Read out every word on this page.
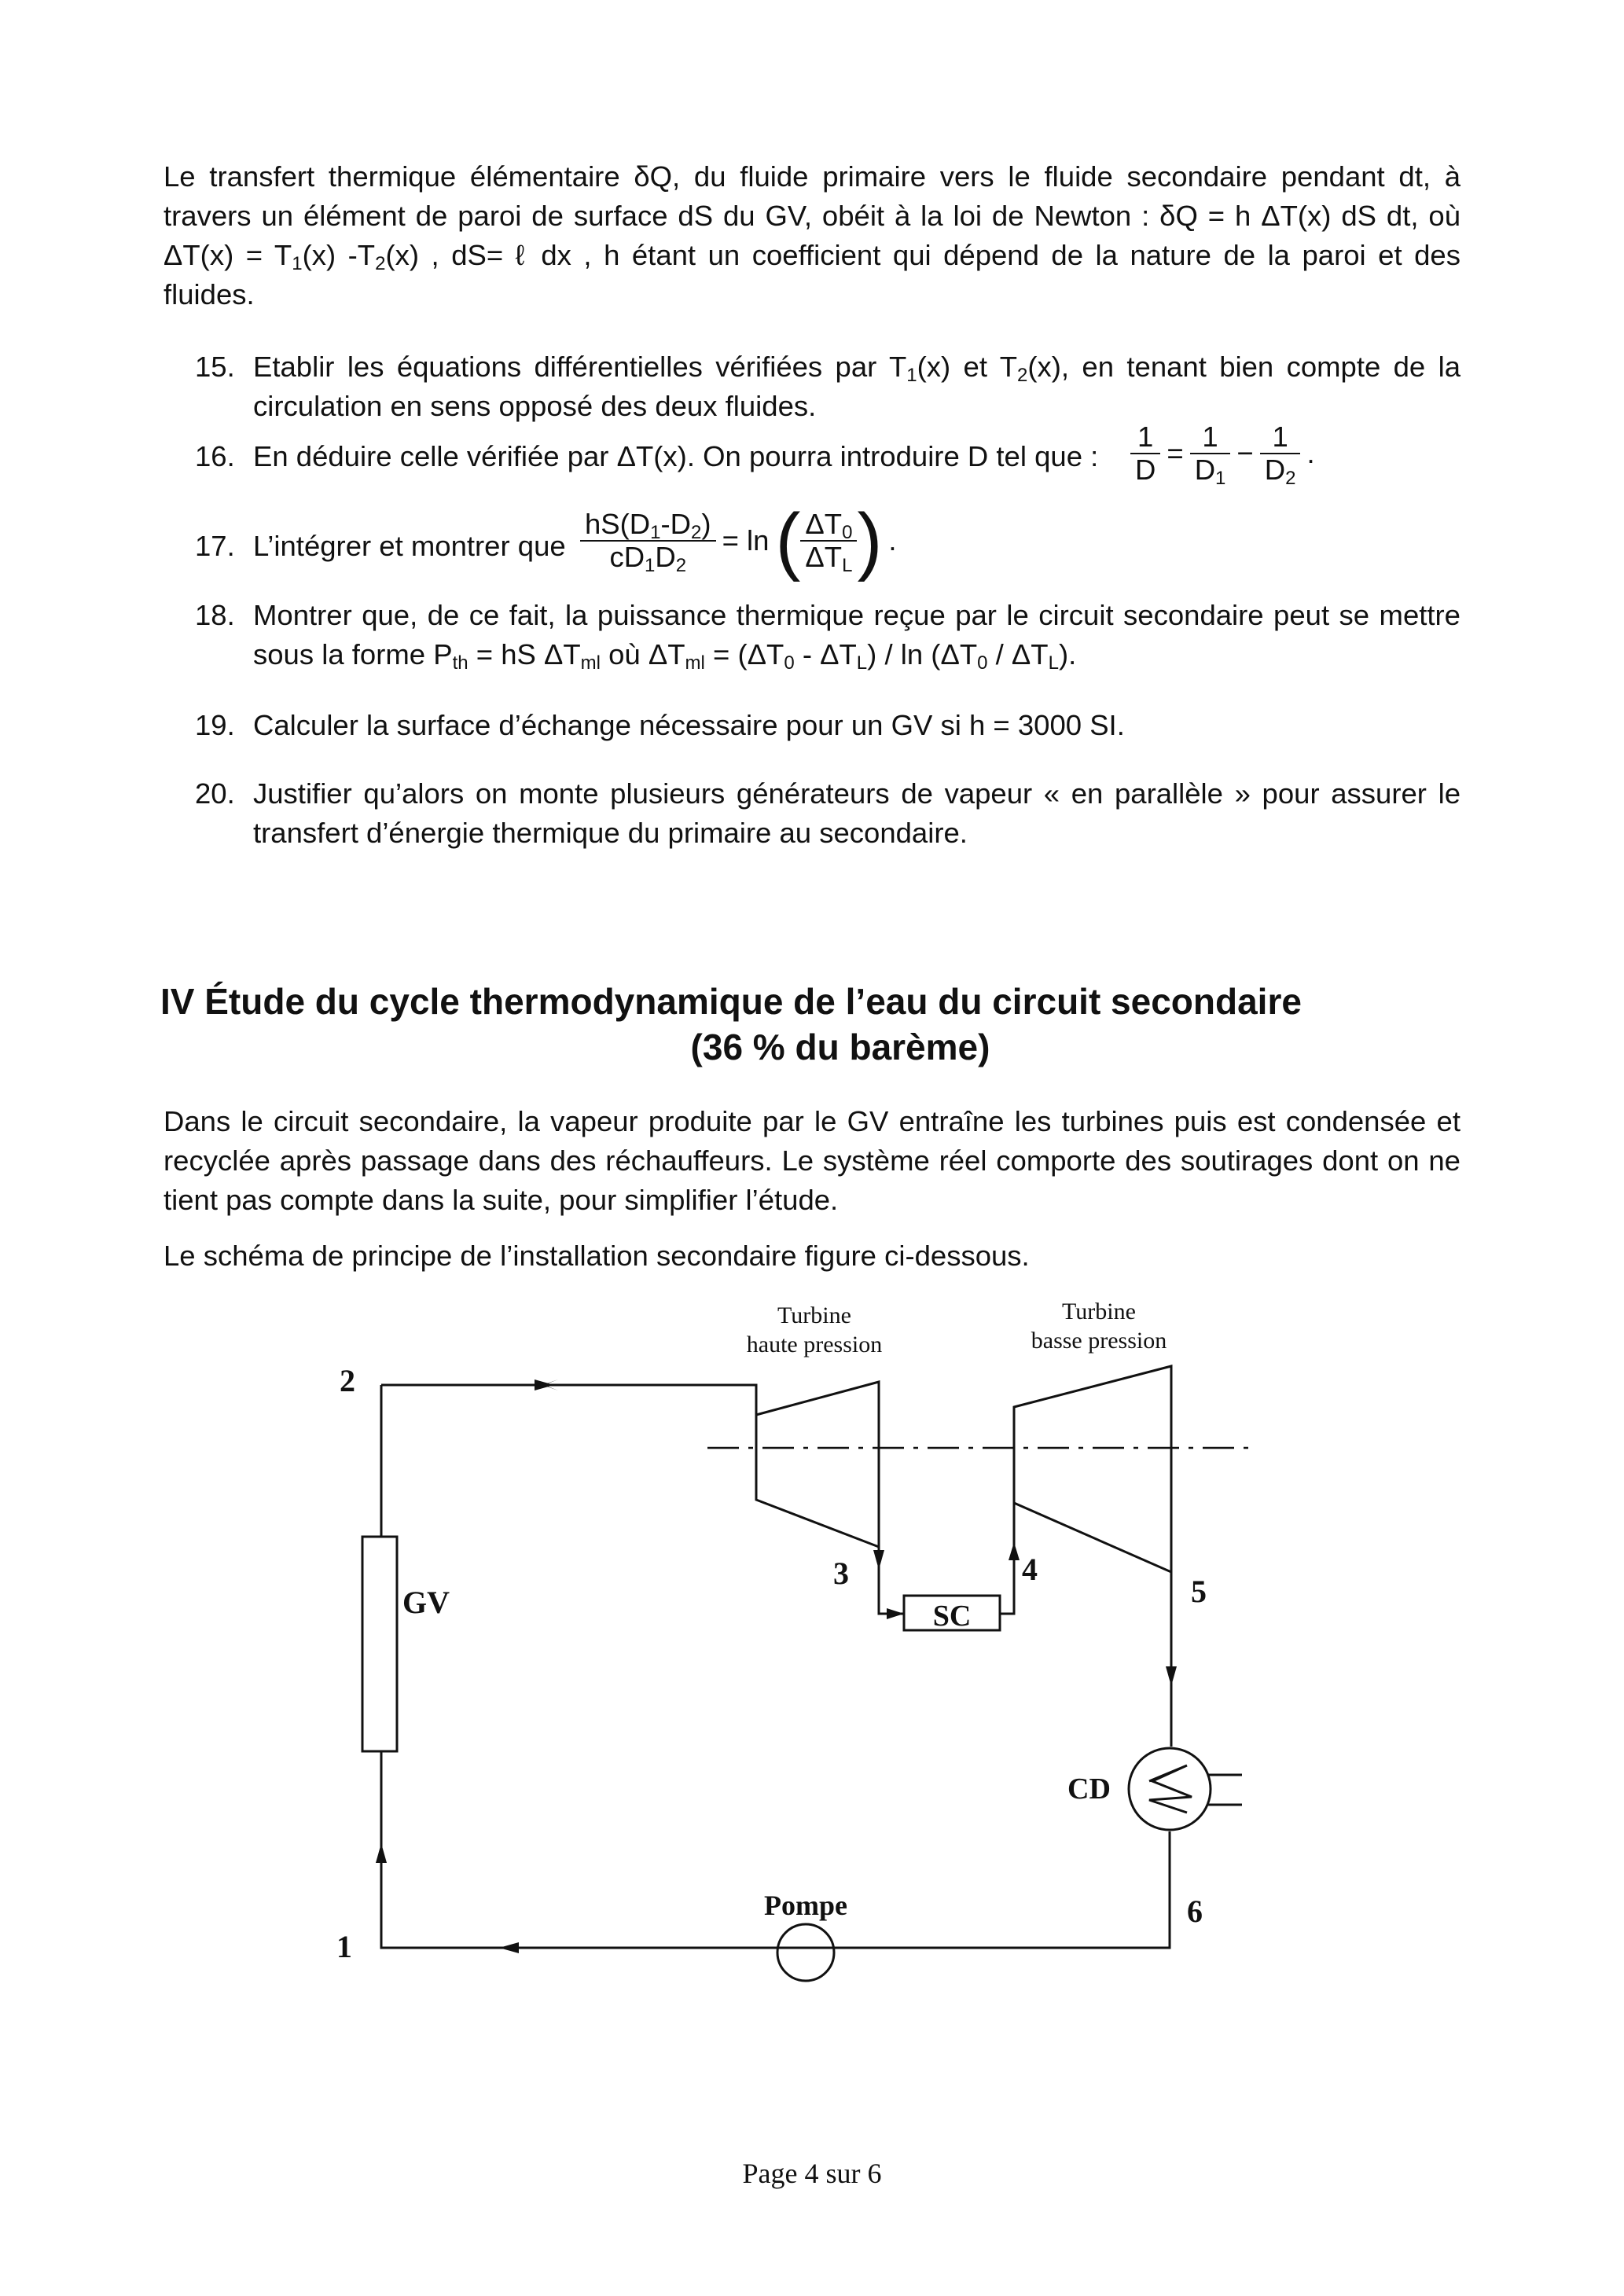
Le transfert thermique élémentaire δQ, du fluide primaire vers le fluide secondaire pendant dt, à travers un élément de paroi de surface dS du GV, obéit à la loi de Newton : δQ = h ΔT(x) dS dt, où $\Delta T(x) = T_1(x)$ $-T_2(x)$ , dS= ℓ dx , h étant un coefficient qui dépend de la nature de la paroi et des fluides.
15. Etablir les équations différentielles vérifiées par $T_1(x)$ et $T_2(x)$, en tenant bien compte de la circulation en sens opposé des deux fluides.
16. En déduire celle vérifiée par ΔT(x). On pourra introduire D tel que : $\frac{1}{D} = \frac{1}{D_1} - \frac{1}{D_2}$ .
17. L’intégrer et montrer que $\frac{hS(D_1-D_2)}{cD_1D_2} = \ln( \frac{\Delta T_0}{\Delta T_L}$ ) .
18. Montrer que, de ce fait, la puissance thermique reçue par le circuit secondaire peut se mettre sous la forme $P_{th}$ = hS $\Delta T_{ml}$ où $\Delta T_{ml} = (\Delta T_0 - \Delta T_L) / \ln (\Delta T_0 / \Delta T_L)$.
19. Calculer la surface d’échange nécessaire pour un GV si h = 3000 SI.
20. Justifier qu’alors on monte plusieurs générateurs de vapeur « en parallèle » pour assurer le transfert d’énergie thermique du primaire au secondaire.
IV Étude du cycle thermodynamique de l’eau du circuit secondaire
(36 % du barème)
Dans le circuit secondaire, la vapeur produite par le GV entraîne les turbines puis est condensée et recyclée après passage dans des réchauffeurs. Le système réel comporte des soutirages dont on ne tient pas compte dans la suite, pour simplifier l’étude.
Le schéma de principe de l’installation secondaire figure ci-dessous.
Turbine
haute pression
Turbine
basse pression
GV	SC
CD
Pompe
1
2
3	4
5
6
Page 4 sur 6
